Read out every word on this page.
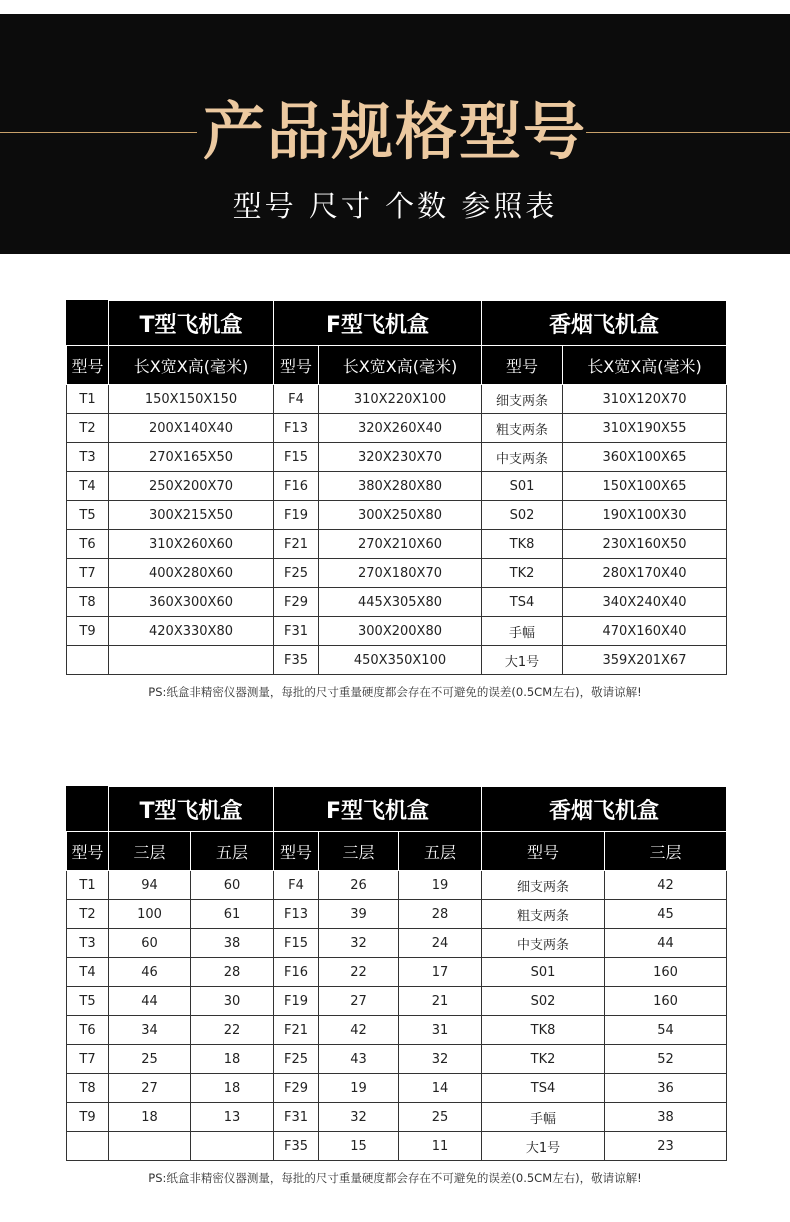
产品规格型号
型号 尺寸 个数 参照表
	T型飞机盒	F型飞机盒		香烟飞机盒	
型号	长X宽X高(毫米)	型号	长X宽X高(毫米)	型号	长X宽X高(毫米)
T1	150X150X150	F4	310X220X100	细支两条	310X120X70
T2	200X140X40	F13	320X260X40	粗支两条	310X190X55
T3	270X165X50	F15	320X230X70	中支两条	360X100X65
T4	250X200X70	F16	380X280X80	S01	150X100X65
T5	300X215X50	F19	300X250X80	S02	190X100X30
T6	310X260X60	F21	270X210X60	TK8	230X160X50
T7	400X280X60	F25	270X180X70	TK2	280X170X40
T8	360X300X60	F29	445X305X80	TS4	340X240X40
T9	420X330X80	F31	300X200X80	手幅	470X160X40
		F35	450X350X100	大1号	359X201X67
PS:纸盒非精密仪器测量，每批的尺寸重量硬度都会存在不可避免的误差(0.5CM左右)，敬请谅解!
	T型飞机盒		F型飞机盒			香烟飞机盒	
型号	三层	五层	型号	三层	五层	型号	三层
T1	94	60	F4	26	19	细支两条	42
T2	100	61	F13	39	28	粗支两条	45
T3	60	38	F15	32	24	中支两条	44
T4	46	28	F16	22	17	S01	160
T5	44	30	F19	27	21	S02	160
T6	34	22	F21	42	31	TK8	54
T7	25	18	F25	43	32	TK2	52
T8	27	18	F29	19	14	TS4	36
T9	18	13	F31	32	25	手幅	38
			F35	15	11	大1号	23
PS:纸盒非精密仪器测量，每批的尺寸重量硬度都会存在不可避免的误差(0.5CM左右)，敬请谅解!
